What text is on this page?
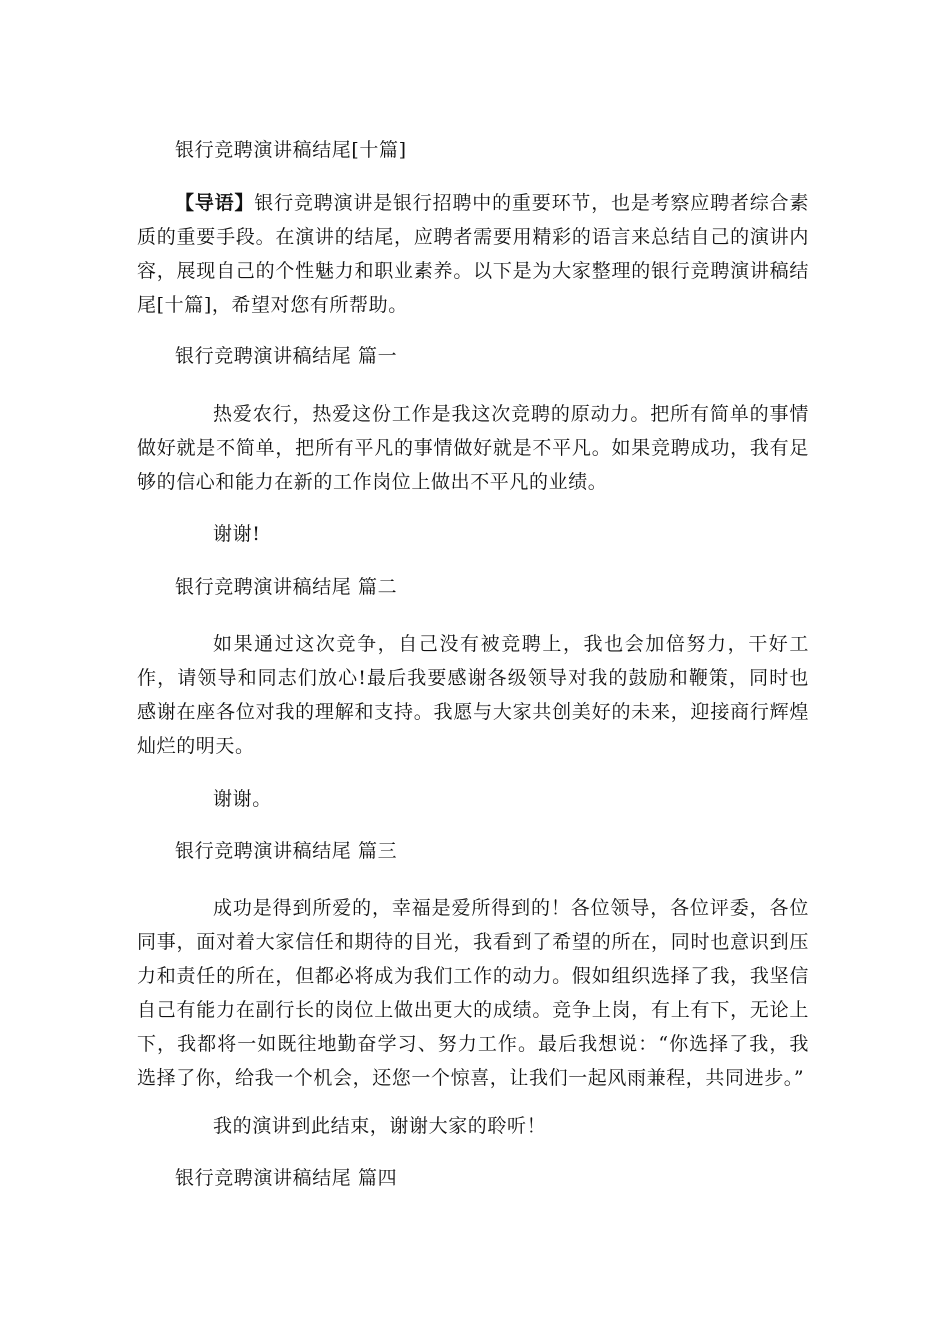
银行竞聘演讲稿结尾[十篇]
【导语】银行竞聘演讲是银行招聘中的重要环节，也是考察应聘者综合素质的重要手段。在演讲的结尾，应聘者需要用精彩的语言来总结自己的演讲内容，展现自己的个性魅力和职业素养。以下是为大家整理的银行竞聘演讲稿结尾[十篇]，希望对您有所帮助。
银行竞聘演讲稿结尾 篇一
热爱农行，热爱这份工作是我这次竞聘的原动力。把所有简单的事情做好就是不简单，把所有平凡的事情做好就是不平凡。如果竞聘成功，我有足够的信心和能力在新的工作岗位上做出不平凡的业绩。
谢谢!
银行竞聘演讲稿结尾 篇二
如果通过这次竞争，自己没有被竞聘上，我也会加倍努力，干好工作，请领导和同志们放心!最后我要感谢各级领导对我的鼓励和鞭策，同时也感谢在座各位对我的理解和支持。我愿与大家共创美好的未来，迎接商行辉煌灿烂的明天。
谢谢。
银行竞聘演讲稿结尾 篇三
成功是得到所爱的，幸福是爱所得到的！各位领导，各位评委，各位同事，面对着大家信任和期待的目光，我看到了希望的所在，同时也意识到压力和责任的所在，但都必将成为我们工作的动力。假如组织选择了我，我坚信自己有能力在副行长的岗位上做出更大的成绩。竞争上岗，有上有下，无论上下，我都将一如既往地勤奋学习、努力工作。最后我想说：“你选择了我，我选择了你，给我一个机会，还您一个惊喜，让我们一起风雨兼程，共同进步。”
我的演讲到此结束，谢谢大家的聆听！
银行竞聘演讲稿结尾 篇四
